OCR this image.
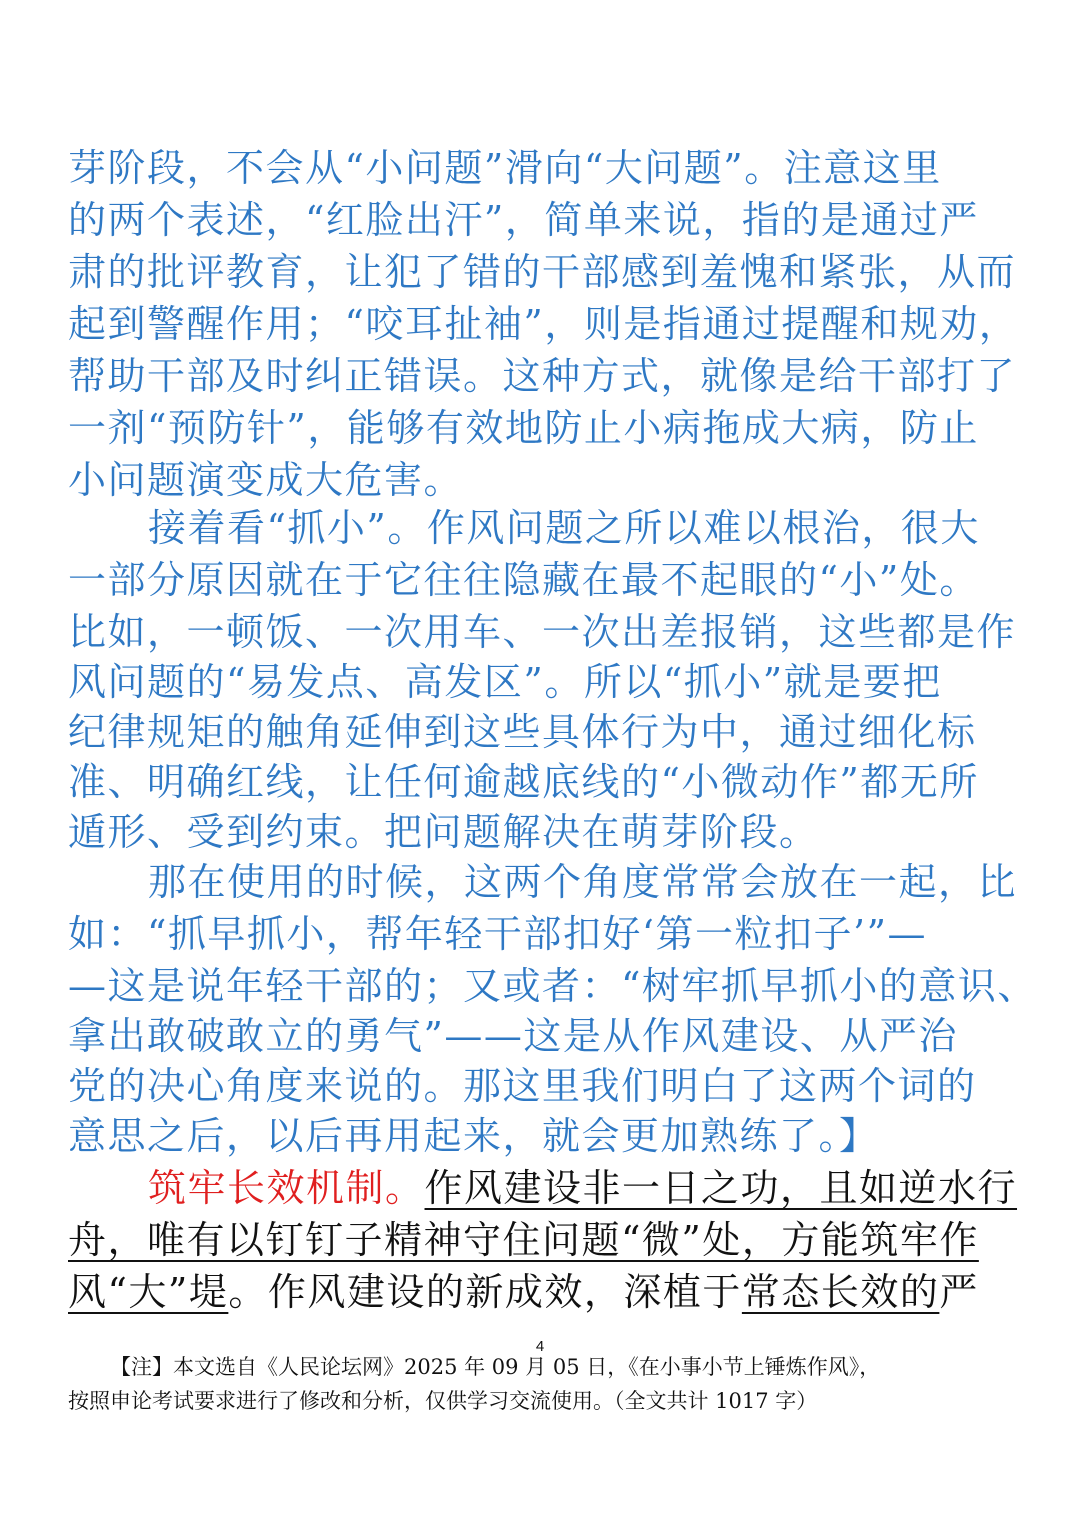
芽阶段，不会从“小问题”滑向“大问题”。注意这里
的两个表述，“红脸出汗”，简单来说，指的是通过严
肃的批评教育，让犯了错的干部感到羞愧和紧张，从而
起到警醒作用；“咬耳扯袖”，则是指通过提醒和规劝，
帮助干部及时纠正错误。这种方式，就像是给干部打了
一剂“预防针”，能够有效地防止小病拖成大病，防止
小问题演变成大危害。
接着看“抓小”。作风问题之所以难以根治，很大
一部分原因就在于它往往隐藏在最不起眼的“小”处。
比如，一顿饭、一次用车、一次出差报销，这些都是作
风问题的“易发点、高发区”。所以“抓小”就是要把
纪律规矩的触角延伸到这些具体行为中，通过细化标
准、明确红线，让任何逾越底线的“小微动作”都无所
遁形、受到约束。把问题解决在萌芽阶段。
那在使用的时候，这两个角度常常会放在一起，比
如：“抓早抓小，帮年轻干部扣好‘第一粒扣子’”—
—这是说年轻干部的；又或者：“树牢抓早抓小的意识、
拿出敢破敢立的勇气”——这是从作风建设、从严治
党的决心角度来说的。那这里我们明白了这两个词的
意思之后，以后再用起来，就会更加熟练了。】
筑牢长效机制。作风建设非一日之功，且如逆水行
舟，唯有以钉钉子精神守住问题“微”处，方能筑牢作
风“大”堤。作风建设的新成效，深植于常态长效的严
4
【注】本文选自《人民论坛网》2025 年 09 月 05 日，《在小事小节上锤炼作风》，
按照申论考试要求进行了修改和分析，仅供学习交流使用。（全文共计 1017 字）
